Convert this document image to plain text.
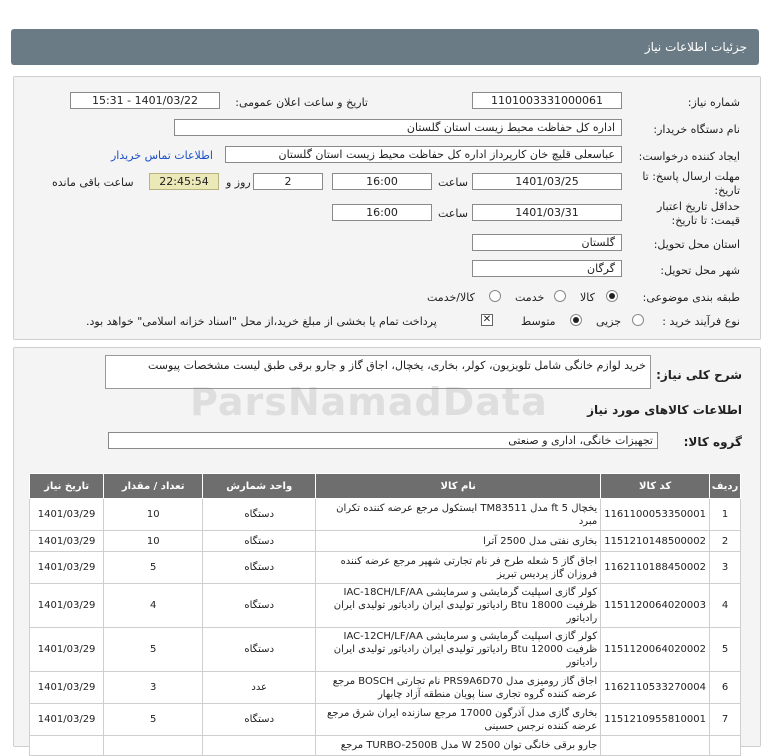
جزئیات اطلاعات نیاز
شماره نیاز:
1101003331000061
تاریخ و ساعت اعلان عمومی:
1401/03/22 - 15:31
نام دستگاه خریدار:
اداره کل حفاظت محیط زیست استان گلستان
ایجاد کننده درخواست:
عباسعلی قلیچ خان کارپرداز اداره کل حفاظت محیط زیست استان گلستان
اطلاعات تماس خریدار
مهلت ارسال پاسخ: تا
تاریخ:
1401/03/25
ساعت
16:00
2
روز و
22:45:54
ساعت باقی مانده
حداقل تاریخ اعتبار
قیمت: تا تاریخ:
1401/03/31
ساعت
16:00
استان محل تحویل:
گلستان
شهر محل تحویل:
گرگان
طبقه بندی موضوعی:
کالا
خدمت
کالا/خدمت
نوع فرآیند خرید :
جزیی
متوسط
✕
پرداخت تمام یا بخشی از مبلغ خرید،از محل "اسناد خزانه اسلامی" خواهد بود.
شرح کلی نیاز:
خرید لوازم خانگی شامل تلویزیون، کولر، بخاری، یخچال، اجاق گاز و جارو برقی طبق لیست مشخصات پیوست
اطلاعات کالاهای مورد نیاز
گروه کالا:
تجهیزات خانگی، اداری و صنعتی
ردیف	کد کالا	نام کالا	واحد شمارش	تعداد / مقدار	تاریخ نیاز
1	1161100053350001	یخچال 5 ft مدل TM83511 ایستکول مرجع عرضه کننده تکران مبرد	دستگاه	10	1401/03/29
2	1151210148500002	بخاری نفتی مدل 2500 آترا	دستگاه	10	1401/03/29
3	1162110188450002	اجاق گاز 5 شعله طرح فر نام تجارتی شهپر مرجع عرضه کننده فروزان گاز پردیس تبریز	دستگاه	5	1401/03/29
4	1151120064020003	کولر گازی اسپلیت گرمایشی و سرمایشی IAC-18CH/LF/AA ظرفیت 18000 Btu رادیاتور تولیدی ایران رادیاتور تولیدی ایران رادیاتور	دستگاه	4	1401/03/29
5	1151120064020002	کولر گازی اسپلیت گرمایشی و سرمایشی IAC-12CH/LF/AA ظرفیت 12000 Btu رادیاتور تولیدی ایران رادیاتور تولیدی ایران رادیاتور	دستگاه	5	1401/03/29
6	1162110533270004	اجاق گاز رومیزی مدل PRS9A6D70 نام تجارتی BOSCH مرجع عرضه کننده گروه تجاری سنا پویان منطقه آزاد چابهار	عدد	3	1401/03/29
7	1151210955810001	بخاری گازی مدل آذرگون 17000 مرجع سازنده ایران شرق مرجع عرضه کننده نرجس حسینی	دستگاه	5	1401/03/29
		جارو برقی خانگی توان 2500 W مدل TURBO-2500B مرجع			
ParsNamadData
